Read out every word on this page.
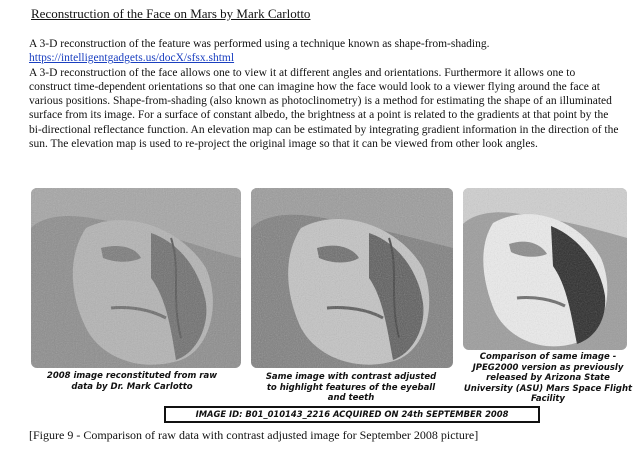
Reconstruction of the Face on Mars by Mark Carlotto

A 3-D reconstruction of the feature was performed using a technique known as shape-from-shading.

https://intelligentgadgets.us/docX/sfsx.shtml

A 3-D reconstruction of the face allows one to view it at different angles and orientations. Furthermore it allows one to construct time-dependent orientations so that one can imagine how the face would look to a viewer flying around the face at various positions. Shape-from-shading (also known as photoclinometry) is a method for estimating the shape of an illuminated surface from its image. For a surface of constant albedo, the brightness at a point is related to the gradients at that point by the bi-directional reflectance function. An elevation map can be estimated by integrating gradient information in the direction of the sun. The elevation map is used to re-project the original image so that it can be viewed from other look angles.

2008 image reconstituted from raw data by Dr. Mark Carlotto
Same image with contrast adjusted to highlight features of the eyeball and teeth
Comparison of same image - JPEG2000 version as previously released by Arizona State University (ASU) Mars Space Flight Facility
IMAGE ID: B01_010143_2216 ACQUIRED ON 24th SEPTEMBER 2008
[Figure 9 - Comparison of raw data with contrast adjusted image for September 2008 picture]
